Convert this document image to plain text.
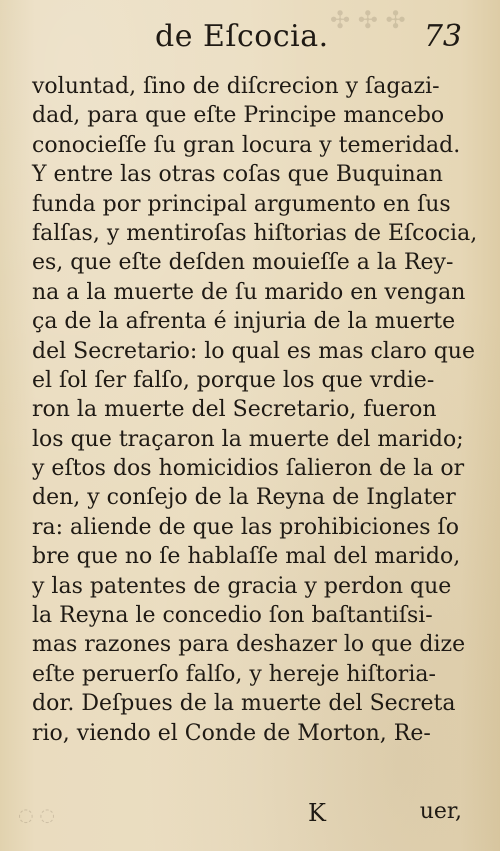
✣ ✣ ✣
de Eſcocia.	73
voluntad, ſino de diſcrecion y ſagazi-
dad, para que eſte Principe mancebo
conocieſſe ſu gran locura y temeridad.
Y entre las otras coſas que Buquinan
funda por principal argumento en ſus
falſas, y mentiroſas hiſtorias de Eſcocia,
es, que eſte deſden mouieſſe a la Rey-
na a la muerte de ſu marido en vengan
ça de la afrenta é injuria de la muerte
del Secretario: lo qual es mas claro que
el ſol ſer falſo, porque los que vrdie-
ron la muerte del Secretario, fueron
los que traçaron la muerte del marido;
y eſtos dos homicidios ſalieron de la or
den, y conſejo de la Reyna de Inglater
ra: aliende de que las prohibiciones ſo
bre que no ſe hablaſſe mal del marido,
y las patentes de gracia y perdon que
la Reyna le concedio ſon baſtantiſsi-
mas razones para deshazer lo que dize
eſte peruerſo falſo, y hereje hiſtoria-
dor. Deſpues de la muerte del Secreta
rio, viendo el Conde de Morton, Re-
◌ ◌	K	uer,
